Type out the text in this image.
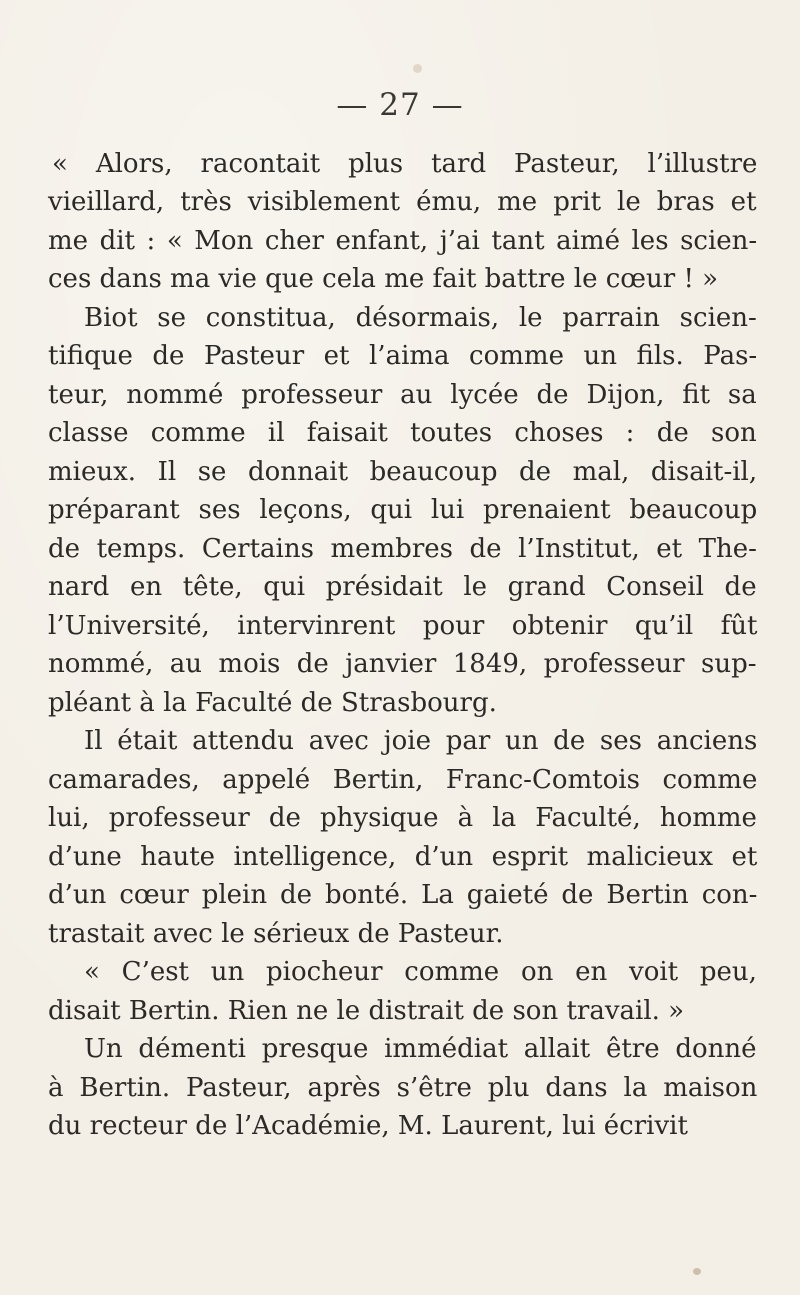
— 27 —
« Alors, racontait plus tard Pasteur, l’illustre
vieillard, très visiblement ému, me prit le bras et
me dit : « Mon cher enfant, j’ai tant aimé les scien-
ces dans ma vie que cela me fait battre le cœur ! »
Biot se constitua, désormais, le parrain scien-
tifique de Pasteur et l’aima comme un fils. Pas-
teur, nommé professeur au lycée de Dijon, fit sa
classe comme il faisait toutes choses : de son
mieux. Il se donnait beaucoup de mal, disait-il,
préparant ses leçons, qui lui prenaient beaucoup
de temps. Certains membres de l’Institut, et The-
nard en tête, qui présidait le grand Conseil de
l’Université, intervinrent pour obtenir qu’il fût
nommé, au mois de janvier 1849, professeur sup-
pléant à la Faculté de Strasbourg.
Il était attendu avec joie par un de ses anciens
camarades, appelé Bertin, Franc-Comtois comme
lui, professeur de physique à la Faculté, homme
d’une haute intelligence, d’un esprit malicieux et
d’un cœur plein de bonté. La gaieté de Bertin con-
trastait avec le sérieux de Pasteur.
« C’est un piocheur comme on en voit peu,
disait Bertin. Rien ne le distrait de son travail. »
Un démenti presque immédiat allait être donné
à Bertin. Pasteur, après s’être plu dans la maison
du recteur de l’Académie, M. Laurent, lui écrivit
